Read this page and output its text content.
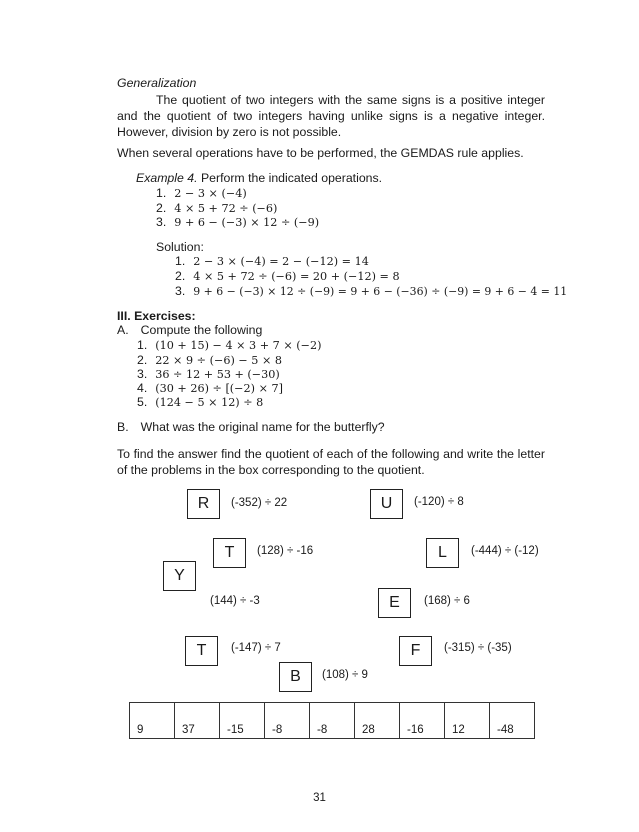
Generalization
The quotient of two integers with the same signs is a positive integer and the quotient of two integers having unlike signs is a negative integer. However, division by zero is not possible.
When several operations have to be performed, the GEMDAS rule applies.
Example 4. Perform the indicated operations.
1. 2 − 3 × (−4)
2. 4 × 5 + 72 ÷ (−6)
3. 9 + 6 − (−3) × 12 ÷ (−9)
Solution:
1. 2 − 3 × (−4) = 2 − (−12) = 14
2. 4 × 5 + 72 ÷ (−6) = 20 + (−12) = 8
3. 9 + 6 − (−3) × 12 ÷ (−9) = 9 + 6 − (−36) ÷ (−9) = 9 + 6 − 4 = 11
III. Exercises:
A. Compute the following
1. (10 + 15) − 4 × 3 + 7 × (−2)
2. 22 × 9 ÷ (−6) − 5 × 8
3. 36 ÷ 12 + 53 + (−30)
4. (30 + 26) ÷ [(−2) × 7]
5. (124 − 5 × 12) ÷ 8
B. What was the original name for the butterfly?
To find the answer find the quotient of each of the following and write the letter of the problems in the box corresponding to the quotient.
R	(-352) ÷ 22	U	(-120) ÷ 8
T	(128) ÷ -16	L	(-444) ÷ (-12)
Y
(144) ÷ -3	E	(168) ÷ 6
T	(-147) ÷ 7	F	(-315) ÷ (-35)
B	(108) ÷ 9
9	37	-15	-8	-8	28	-16	12	-48
31
